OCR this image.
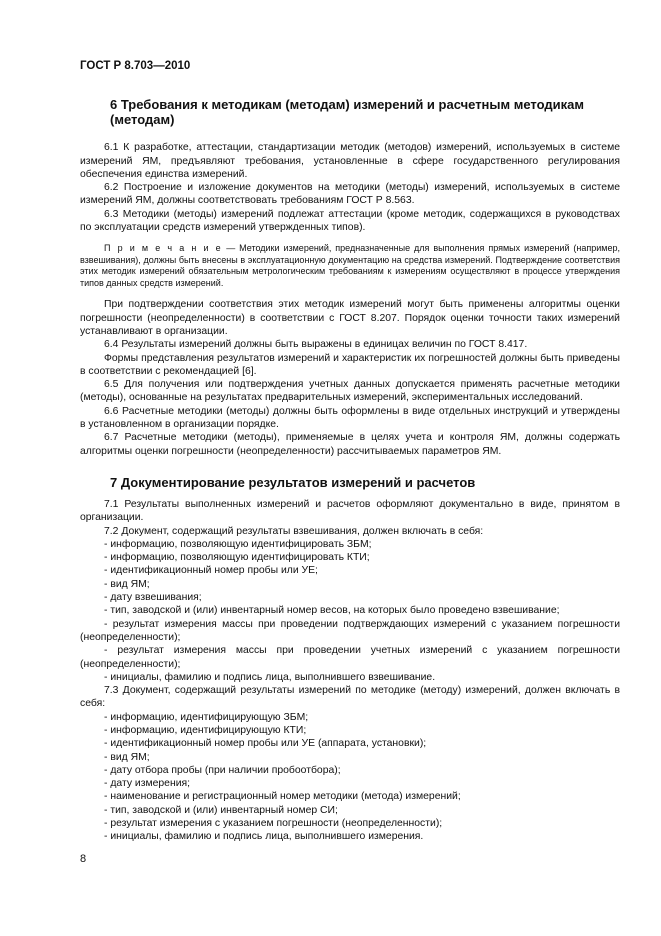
ГОСТ Р 8.703—2010

6 Требования к методикам (методам) измерений и расчетным методикам (методам)

6.1 К разработке, аттестации, стандартизации методик (методов) измерений, используемых в системе измерений ЯМ, предъявляют требования, установленные в сфере государственного регулирования обеспечения единства измерений.

6.2 Построение и изложение документов на методики (методы) измерений, используемых в системе измерений ЯМ, должны соответствовать требованиям ГОСТ Р 8.563.

6.3 Методики (методы) измерений подлежат аттестации (кроме методик, содержащихся в руководствах по эксплуатации средств измерений утвержденных типов).

П р и м е ч а н и е — Методики измерений, предназначенные для выполнения прямых измерений (например, взвешивания), должны быть внесены в эксплуатационную документацию на средства измерений. Подтверждение соответствия этих методик измерений обязательным метрологическим требованиям к измерениям осуществляют в процессе утверждения типов данных средств измерений.

При подтверждении соответствия этих методик измерений могут быть применены алгоритмы оценки погрешности (неопределенности) в соответствии с ГОСТ 8.207. Порядок оценки точности таких измерений устанавливают в организации.

6.4 Результаты измерений должны быть выражены в единицах величин по ГОСТ 8.417.

Формы представления результатов измерений и характеристик их погрешностей должны быть приведены в соответствии с рекомендацией [6].

6.5 Для получения или подтверждения учетных данных допускается применять расчетные методики (методы), основанные на результатах предварительных измерений, экспериментальных исследований.

6.6 Расчетные методики (методы) должны быть оформлены в виде отдельных инструкций и утверждены в установленном в организации порядке.

6.7 Расчетные методики (методы), применяемые в целях учета и контроля ЯМ, должны содержать алгоритмы оценки погрешности (неопределенности) рассчитываемых параметров ЯМ.

7 Документирование результатов измерений и расчетов

7.1 Результаты выполненных измерений и расчетов оформляют документально в виде, принятом в организации.

7.2 Документ, содержащий результаты взвешивания, должен включать в себя:

- информацию, позволяющую идентифицировать ЗБМ;

- информацию, позволяющую идентифицировать КТИ;

- идентификационный номер пробы или УЕ;

- вид ЯМ;

- дату взвешивания;

- тип, заводской и (или) инвентарный номер весов, на которых было проведено взвешивание;

- результат измерения массы при проведении подтверждающих измерений с указанием погрешности (неопределенности);

- результат измерения массы при проведении учетных измерений с указанием погрешности (неопределенности);

- инициалы, фамилию и подпись лица, выполнившего взвешивание.

7.3 Документ, содержащий результаты измерений по методике (методу) измерений, должен включать в себя:

- информацию, идентифицирующую ЗБМ;

- информацию, идентифицирующую КТИ;

- идентификационный номер пробы или УЕ (аппарата, установки);

- вид ЯМ;

- дату отбора пробы (при наличии пробоотбора);

- дату измерения;

- наименование и регистрационный номер методики (метода) измерений;

- тип, заводской и (или) инвентарный номер СИ;

- результат измерения с указанием погрешности (неопределенности);

- инициалы, фамилию и подпись лица, выполнившего измерения.

8
